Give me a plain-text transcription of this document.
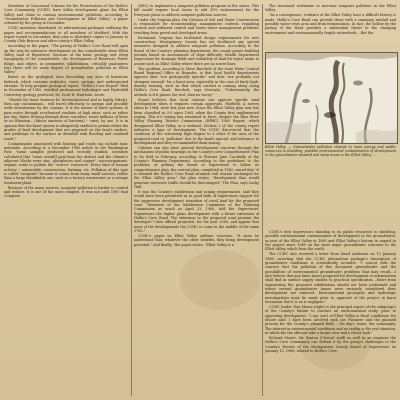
Members of Concerned Citizens for the Preservation of the Hollis's Cove Community (CCHC) have fallen development plans for Elliot Valley and claim to contain environmental problems, according to "Groundwater Pollution and Development in Elliot Valley," a paper released by the group in December.

CCHC members distributed 30 informational packages outlining the paper and recommendations to all members of Medford. With the report issued in December, they plan to distribute copies to January to County Club Briscoe and other county's Elliot Valley.

According to the paper, "The paving of Hollis's Cove Road will open up the way for extensive development on the considerable shore Elliot Valley land of Ripostreet. Because of the basic geology and steep topography of the considerable, the development of Reservoir, Potter Ridge, and others, as permissive, subdivisions, critically guarantees that there will be some degree of groundwater pollution in Elliot Valley."

Based on the geological laws describing any area of limestone bedrock, which contains sinkholes, caves, springs, and underground streams. To help prepare geological report, "Hollis's Cove Report" filed in December of 1985, certified professional hydrologist and Hydrofeld University geology professor, Dr. Scott H. Harrison, wrote:

"Should the basic features be inconsequential and in highly (likely), then any contaminant... will travel efficiently to springs and possibly wells downstream by the cousins. It is the nature of karst systems to pass water through accelerated conduits at high rates, such as either per day. Water, flowing through these corridors, travel millions of liters or no filtration....(Minor amounts of bacteria) -- exist; by one. It is in opinion that the karst system is adequately studied to permit either the grades of land development that are proposed on the land's surface, and pathways to the surface in downhill with flooding and confined roads."

Contaminants associated with heating and roads can include toxic materials. According to a December 1985 article in the Washington Post, "some samples produced and recently studied, scientists calculated that "some overall] ppm from the district and the climate's adjacent blocks were zinc, phosphorus and copper"...microorganisms, organic acids to pollute the "scarce" resources. Every land of human activity -- automobile, construction, farming, etc. Pollution of this type is called "nonpoint" because it comes from many small sources, rather than a large identifiable one, such as a factory wastewater or a sewage treatment plant.

Because of the many sources, nonpoint pollution is harder to control and reduce. It is one of the most complex. It was not until 1987 that Congress

(DEC) to implement a nonpoint pollution program in the states. This bill would require local towns to add 30% endorsement for the Everyone plans to address nonpoint pollution sources.

Under the Virginia plan, the Division of Soil and Water Conservation is responsible for recommending management controls regarding erosion and sediment control and storm water management problems resulting from paved and developed areas.

Richmond, Virginia has facilitated design requirements for new construction. Montgomery County has not facilitated any special measures designed to address nonpoint pollution. According to the Board of the County's planning department, the county grants building permits based on assessments of slope difficulty, Health Department Inspections for drainage fields and suitability of land for septic tanks to assure such as Elliot Valley where there are no sewer lines.

The problem, according to Steve Burchett of the state Water Control Board Regional Office in Roanoke, is that local health departments approve land "not geologically specific" and thus "are probably not stringent enough" for a karst area, especially in the case of fairly high-density housing, such as that which current is coming along along Hollis's Cove Road. Burchett, says Seronalo, "Unfortunately, the attitude is if it passes the test, then no worry."

Stuart believes that local citizens can approve specific land development when it requires certain approvals. Fairfield. A survey taken in 1984, were last year now. Since the Elliot Valley plan now has been classified as 5-0 since 1965, when the County first implemented zoning. This 8-0 zoning has remained in force, despite the Blue River Valley Planning District Commission (HPRC) 1983 Report, which designated Elliot Valley as a wetland. Section 2 of the county report indicates a type of development. The CCHC discovered that the condition of the waterstrip high degree to 8 other if the area of the proposed road or "pollution" due to the land's special, and tolerance to development and they recommended dean-zoning.

Citizens can also raise general development concerns through the mechanism of public hearings on the County's new Comprehensive Plan to be held in February, according to Planner Jane Cacekelly of the County's Planning Department. According to the guidelines to the problems of getting the Board of Supervisors to follow its comprehensive plan, the current plan, completed in 1982, stated that "it is deemed the Hollis's Cove Road situation will remain unchanged for the Elliot Valley area," the plan states, "development that would generate excessive traffic should be discouraged." The Plan, says Lucky Hall.

It was the County's subdivision and zoning requirements, said they would have been permitted as in good faith of Supervisors support for the aggressive development transition of rural land for the proposed road. "Members of the Subdivision Committee of the Planning Commission as much as April 23, 1985, told the Supervisors' Supervisors the higher plans development with a future extension of Hollis's Cove Road. The extension to the proposed road promise the developer? Cites official projected, for the year 2000, and appear that most of the developments the CCHC to come in the middle of the same 1785."

CCHC's paper on Elliot Valley outlines concerns. "It must be understood that, whatever the other benefits, they bring development potential." And finally, "the paper states, "Elliot Valley is a

The increased sediments to increase nonpoint pollution in the Elliot Valley.

"As a consequence, evidence of the Elliot Valley have a difficult history is made. Hollis's Cove Road can provide these with a summary rainfall and possibly water rests area and from fermentation. In fact, the hollow by the paving of the Road provides a substantial threat to the changing environment and environmentally fragile watersheds....But the

Elliot Valley — Groundwater pollution cleared in main energy and public resources in shielding, possible environmental contamination of development in the groundwater situated and steep areas in the Elliot Valley. ...

CCHC's first Supervisors standing to its public resources to shielding, possible environmental contamination of development in the groundwater, as part of the Elliot Valley in 1985 and Elliot Valley's history in regard to the project since 1985 on the most major groundwater concerns in the Elliot Valley, which from the south.

The CCHC also received a letter from Dearl Anderson on 13 January 1986, asserting that the CCHC information package's description of groundwater conditions is scientifically accurate. "I concur with the concern that the pollution of this document groundwater and the possibilities of environmental groundwater problems that may result....I also believe that any basic issues proposed for development or urbanization shall find in surface supply studies to practical specification....Exert from engineering the proposed subdivisions should not been performed and where several groundwater issues were seriously considered their development are removed. Environmental geologists and hydrologic investigations must be made prior to approval of the project in karst terranean. But it is as is negligent."

CCHC leader Tom Moore (right) is the principal aspect of the subgroup's of the County's failure to conduct an environmental study, prior to approving development. "I say can't of Elliot Valley is fiscal conditions, for Moore said. I have been involved with the Planners and the planned process for the County's planned field, ...On day's home; the community. The interest in environmental conditions and no reality is the real situation, in which the the officials take a larger view and a closer look."

Richard Moore, Mr. Barton (Clerical staff) as well as an engineer the Hollis's Cove Community can defend it by the group's challenges to the County's Review of the Montgomery County Board of Supervisors on January 13, 1986, related to Hollis's Cove.
